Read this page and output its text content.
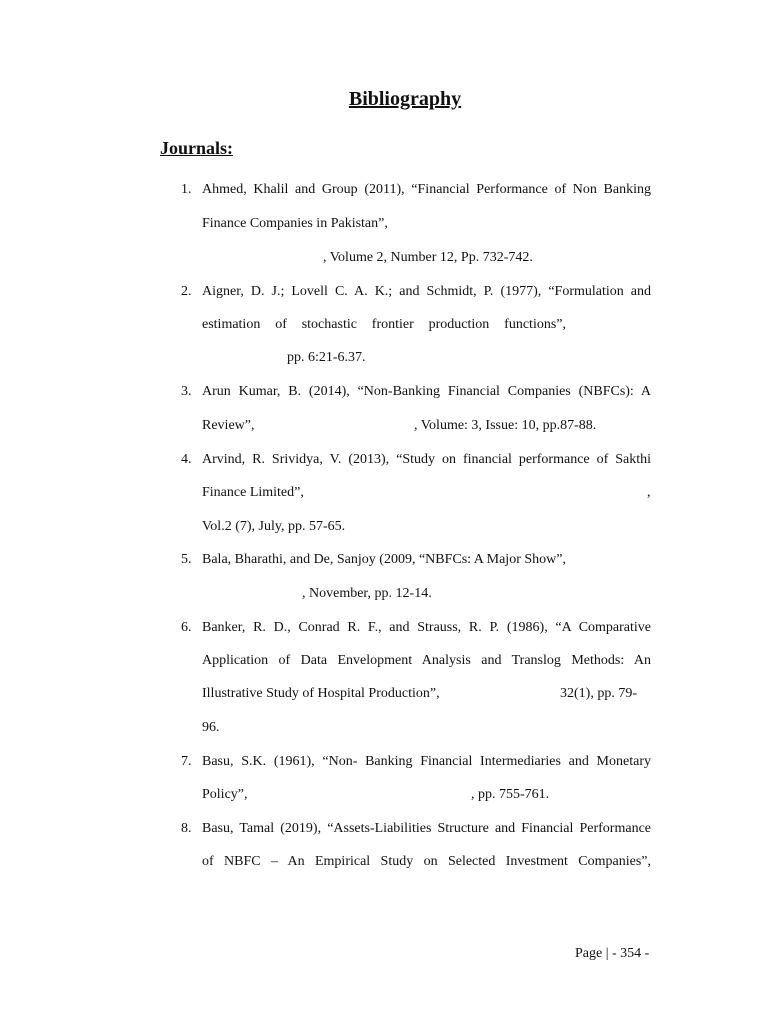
Bibliography
Journals:
1. Ahmed, Khalil and Group (2011), “Financial Performance of Non Banking
Finance Companies in Pakistan”,
, Volume 2, Number 12, Pp. 732-742.
2. Aigner, D. J.; Lovell C. A. K.; and Schmidt, P. (1977), “Formulation and
estimation of stochastic frontier production functions”,
pp. 6:21-6.37.
3. Arun Kumar, B. (2014), “Non-Banking Financial Companies (NBFCs): A
Review”,	, Volume: 3, Issue: 10, pp.87-88.
4. Arvind, R. Srividya, V. (2013), “Study on financial performance of Sakthi
Finance Limited”,	,
Vol.2 (7), July, pp. 57-65.
5. Bala, Bharathi, and De, Sanjoy (2009, “NBFCs: A Major Show”,
, November, pp. 12-14.
6. Banker, R. D., Conrad R. F., and Strauss, R. P. (1986), “A Comparative
Application of Data Envelopment Analysis and Translog Methods: An
Illustrative Study of Hospital Production”,	32(1), pp. 79-
96.
7. Basu, S.K. (1961), “Non- Banking Financial Intermediaries and Monetary
Policy”,	, pp. 755-761.
8. Basu, Tamal (2019), “Assets-Liabilities Structure and Financial Performance
of NBFC – An Empirical Study on Selected Investment Companies”,
Page | - 354 -
